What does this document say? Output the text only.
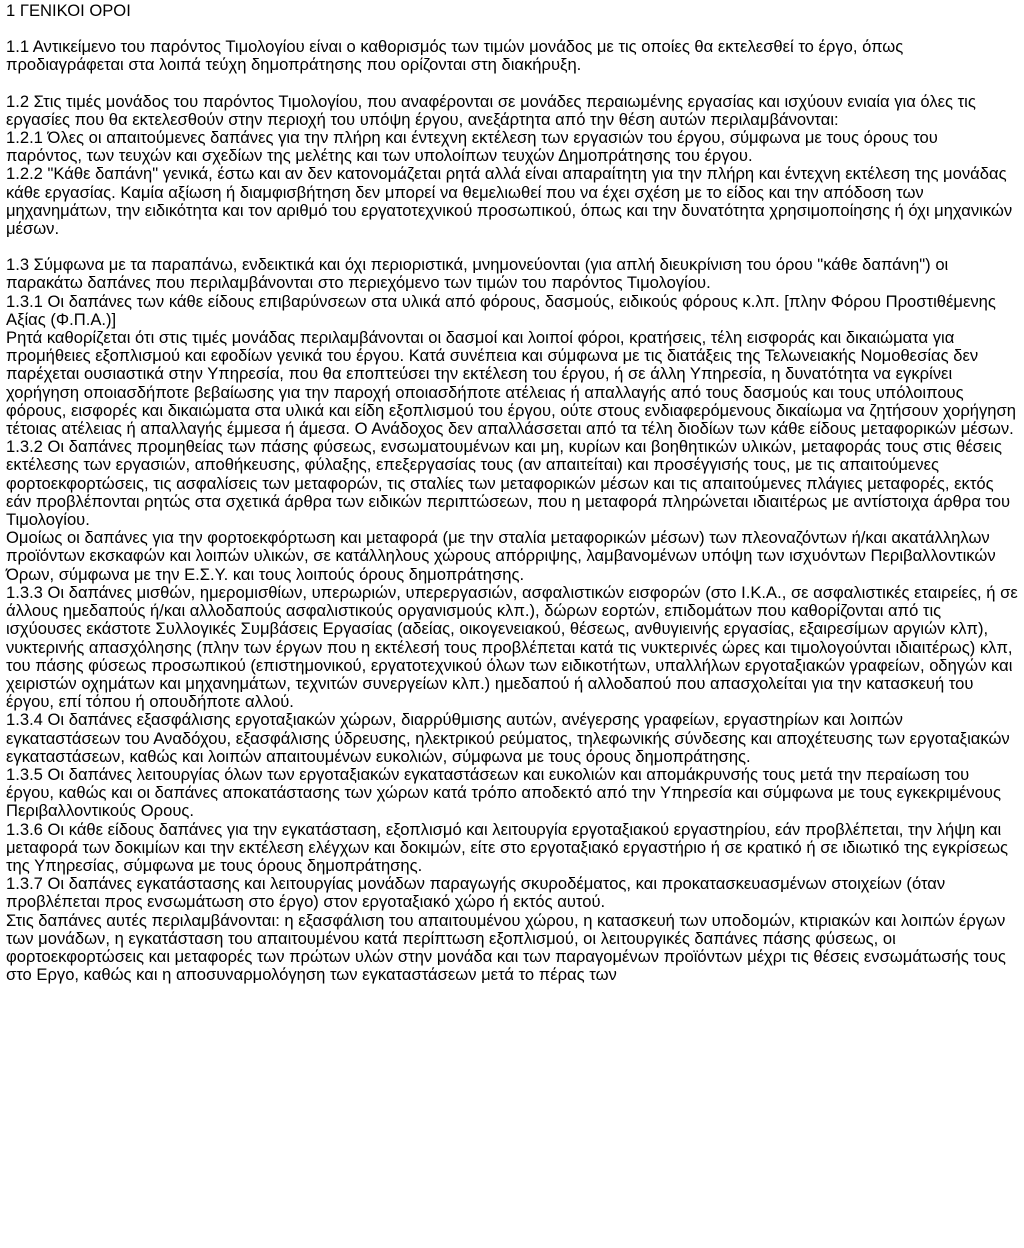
1 ΓΕΝΙΚΟΙ ΟΡΟΙ

1.1 Αντικείμενο του παρόντος Τιμολογίου είναι ο καθορισμός των τιμών μονάδος με τις οποίες θα εκτελεσθεί το έργο, όπως προδιαγράφεται στα λοιπά τεύχη δημοπράτησης που ορίζονται στη διακήρυξη.

1.2 Στις τιμές μονάδος του παρόντος Τιμολογίου, που αναφέρονται σε μονάδες περαιωμένης εργασίας και ισχύουν ενιαία για όλες τις εργασίες που θα εκτελεσθούν στην περιοχή του υπόψη έργου, ανεξάρτητα από την θέση αυτών περιλαμβάνονται:

1.2.1 Όλες οι απαιτούμενες δαπάνες για την πλήρη και έντεχνη εκτέλεση των εργασιών του έργου, σύμφωνα με τους όρους του παρόντος, των τευχών και σχεδίων της μελέτης και των υπολοίπων τευχών Δημοπράτησης του έργου.

1.2.2 "Κάθε δαπάνη" γενικά, έστω και αν δεν κατονομάζεται ρητά αλλά είναι απαραίτητη για την πλήρη και έντεχνη εκτέλεση της μονάδας κάθε εργασίας. Καμία αξίωση ή διαμφισβήτηση δεν μπορεί να θεμελιωθεί που να έχει σχέση με το είδος και την απόδοση των μηχανημάτων, την ειδικότητα και τον αριθμό του εργατοτεχνικού προσωπικού, όπως και την δυνατότητα χρησιμοποίησης ή όχι μηχανικών μέσων.

1.3 Σύμφωνα με τα παραπάνω, ενδεικτικά και όχι περιοριστικά, μνημονεύονται (για απλή διευκρίνιση του όρου "κάθε δαπάνη") οι παρακάτω δαπάνες που περιλαμβάνονται στο περιεχόμενο των τιμών του παρόντος Τιμολογίου.

1.3.1 Οι δαπάνες των κάθε είδους επιβαρύνσεων στα υλικά από φόρους, δασμούς, ειδικούς φόρους κ.λπ. [πλην Φόρου Προστιθέμενης Αξίας (Φ.Π.Α.)]

Ρητά καθορίζεται ότι στις τιμές μονάδας περιλαμβάνονται οι δασμοί και λοιποί φόροι, κρατήσεις, τέλη εισφοράς και δικαιώματα για προμήθειες εξοπλισμού και εφοδίων γενικά του έργου. Κατά συνέπεια και σύμφωνα με τις διατάξεις της Τελωνειακής Νομοθεσίας δεν παρέχεται ουσιαστικά στην Υπηρεσία, που θα εποπτεύσει την εκτέλεση του έργου, ή σε άλλη Υπηρεσία, η δυνατότητα να εγκρίνει χορήγηση οποιασδήποτε βεβαίωσης για την παροχή οποιασδήποτε ατέλειας ή απαλλαγής από τους δασμούς και τους υπόλοιπους φόρους, εισφορές και δικαιώματα στα υλικά και είδη εξοπλισμού του έργου, ούτε στους ενδιαφερόμενους δικαίωμα να ζητήσουν χορήγηση τέτοιας ατέλειας ή απαλλαγής έμμεσα ή άμεσα. Ο Ανάδοχος δεν απαλλάσσεται από τα τέλη διοδίων των κάθε είδους μεταφορικών μέσων.

1.3.2 Οι δαπάνες προμηθείας των πάσης φύσεως, ενσωματουμένων και μη, κυρίων και βοηθητικών υλικών, μεταφοράς τους στις θέσεις εκτέλεσης των εργασιών, αποθήκευσης, φύλαξης, επεξεργασίας τους (αν απαιτείται) και προσέγγισής τους, με τις απαιτούμενες φορτοεκφορτώσεις, τις ασφαλίσεις των μεταφορών, τις σταλίες των μεταφορικών μέσων και τις απαιτούμενες πλάγιες μεταφορές, εκτός εάν προβλέπονται ρητώς στα σχετικά άρθρα των ειδικών περιπτώσεων, που η μεταφορά πληρώνεται ιδιαιτέρως με αντίστοιχα άρθρα του Τιμολογίου.

Ομοίως οι δαπάνες για την φορτοεκφόρτωση και μεταφορά (με την σταλία μεταφορικών μέσων) των πλεοναζόντων ή/και ακατάλληλων προϊόντων εκσκαφών και λοιπών υλικών, σε κατάλληλους χώρους απόρριψης, λαμβανομένων υπόψη των ισχυόντων Περιβαλλοντικών Όρων, σύμφωνα με την Ε.Σ.Υ. και τους λοιπούς όρους δημοπράτησης.

1.3.3 Οι δαπάνες μισθών, ημερομισθίων, υπερωριών, υπερεργασιών, ασφαλιστικών εισφορών (στο Ι.Κ.Α., σε ασφαλιστικές εταιρείες, ή σε άλλους ημεδαπούς ή/και αλλοδαπούς ασφαλιστικούς οργανισμούς κλπ.), δώρων εορτών, επιδομάτων που καθορίζονται από τις ισχύουσες εκάστοτε Συλλογικές Συμβάσεις Εργασίας (αδείας, οικογενειακού, θέσεως, ανθυγιεινής εργασίας, εξαιρεσίμων αργιών κλπ), νυκτερινής απασχόλησης (πλην των έργων που η εκτέλεσή τους προβλέπεται κατά τις νυκτερινές ώρες και τιμολογούνται ιδιαιτέρως) κλπ, του πάσης φύσεως προσωπικού (επιστημονικού, εργατοτεχνικού όλων των ειδικοτήτων, υπαλλήλων εργοταξιακών γραφείων, οδηγών και χειριστών οχημάτων και μηχανημάτων, τεχνιτών συνεργείων κλπ.) ημεδαπού ή αλλοδαπού που απασχολείται για την κατασκευή του έργου, επί τόπου ή οπουδήποτε αλλού.

1.3.4 Οι δαπάνες εξασφάλισης εργοταξιακών χώρων, διαρρύθμισης αυτών, ανέγερσης γραφείων, εργαστηρίων και λοιπών εγκαταστάσεων του Αναδόχου, εξασφάλισης ύδρευσης, ηλεκτρικού ρεύματος, τηλεφωνικής σύνδεσης και αποχέτευσης των εργοταξιακών εγκαταστάσεων, καθώς και λοιπών απαιτουμένων ευκολιών, σύμφωνα με τους όρους δημοπράτησης.

1.3.5 Οι δαπάνες λειτουργίας όλων των εργοταξιακών εγκαταστάσεων και ευκολιών και απομάκρυνσής τους μετά την περαίωση του έργου, καθώς και οι δαπάνες αποκατάστασης των χώρων κατά τρόπο αποδεκτό από την Υπηρεσία και σύμφωνα με τους εγκεκριμένους Περιβαλλοντικούς Ορους.

1.3.6 Οι κάθε είδους δαπάνες για την εγκατάσταση, εξοπλισμό και λειτουργία εργοταξιακού εργαστηρίου, εάν προβλέπεται, την λήψη και μεταφορά των δοκιμίων και την εκτέλεση ελέγχων και δοκιμών, είτε στο εργοταξιακό εργαστήριο ή σε κρατικό ή σε ιδιωτικό της εγκρίσεως της Υπηρεσίας, σύμφωνα με τους όρους δημοπράτησης.

1.3.7 Οι δαπάνες εγκατάστασης και λειτουργίας μονάδων παραγωγής σκυροδέματος, και προκατασκευασμένων στοιχείων (όταν προβλέπεται προς ενσωμάτωση στο έργο) στον εργοταξιακό χώρο ή εκτός αυτού.

Στις δαπάνες αυτές περιλαμβάνονται: η εξασφάλιση του απαιτουμένου χώρου, η κατασκευή των υποδομών, κτιριακών και λοιπών έργων των μονάδων, η εγκατάσταση του απαιτουμένου κατά περίπτωση εξοπλισμού, οι λειτουργικές δαπάνες πάσης φύσεως, οι φορτοεκφορτώσεις και μεταφορές των πρώτων υλών στην μονάδα και των παραγομένων προϊόντων μέχρι τις θέσεις ενσωμάτωσής τους στο Εργο, καθώς και η αποσυναρμολόγηση των εγκαταστάσεων μετά το πέρας των
